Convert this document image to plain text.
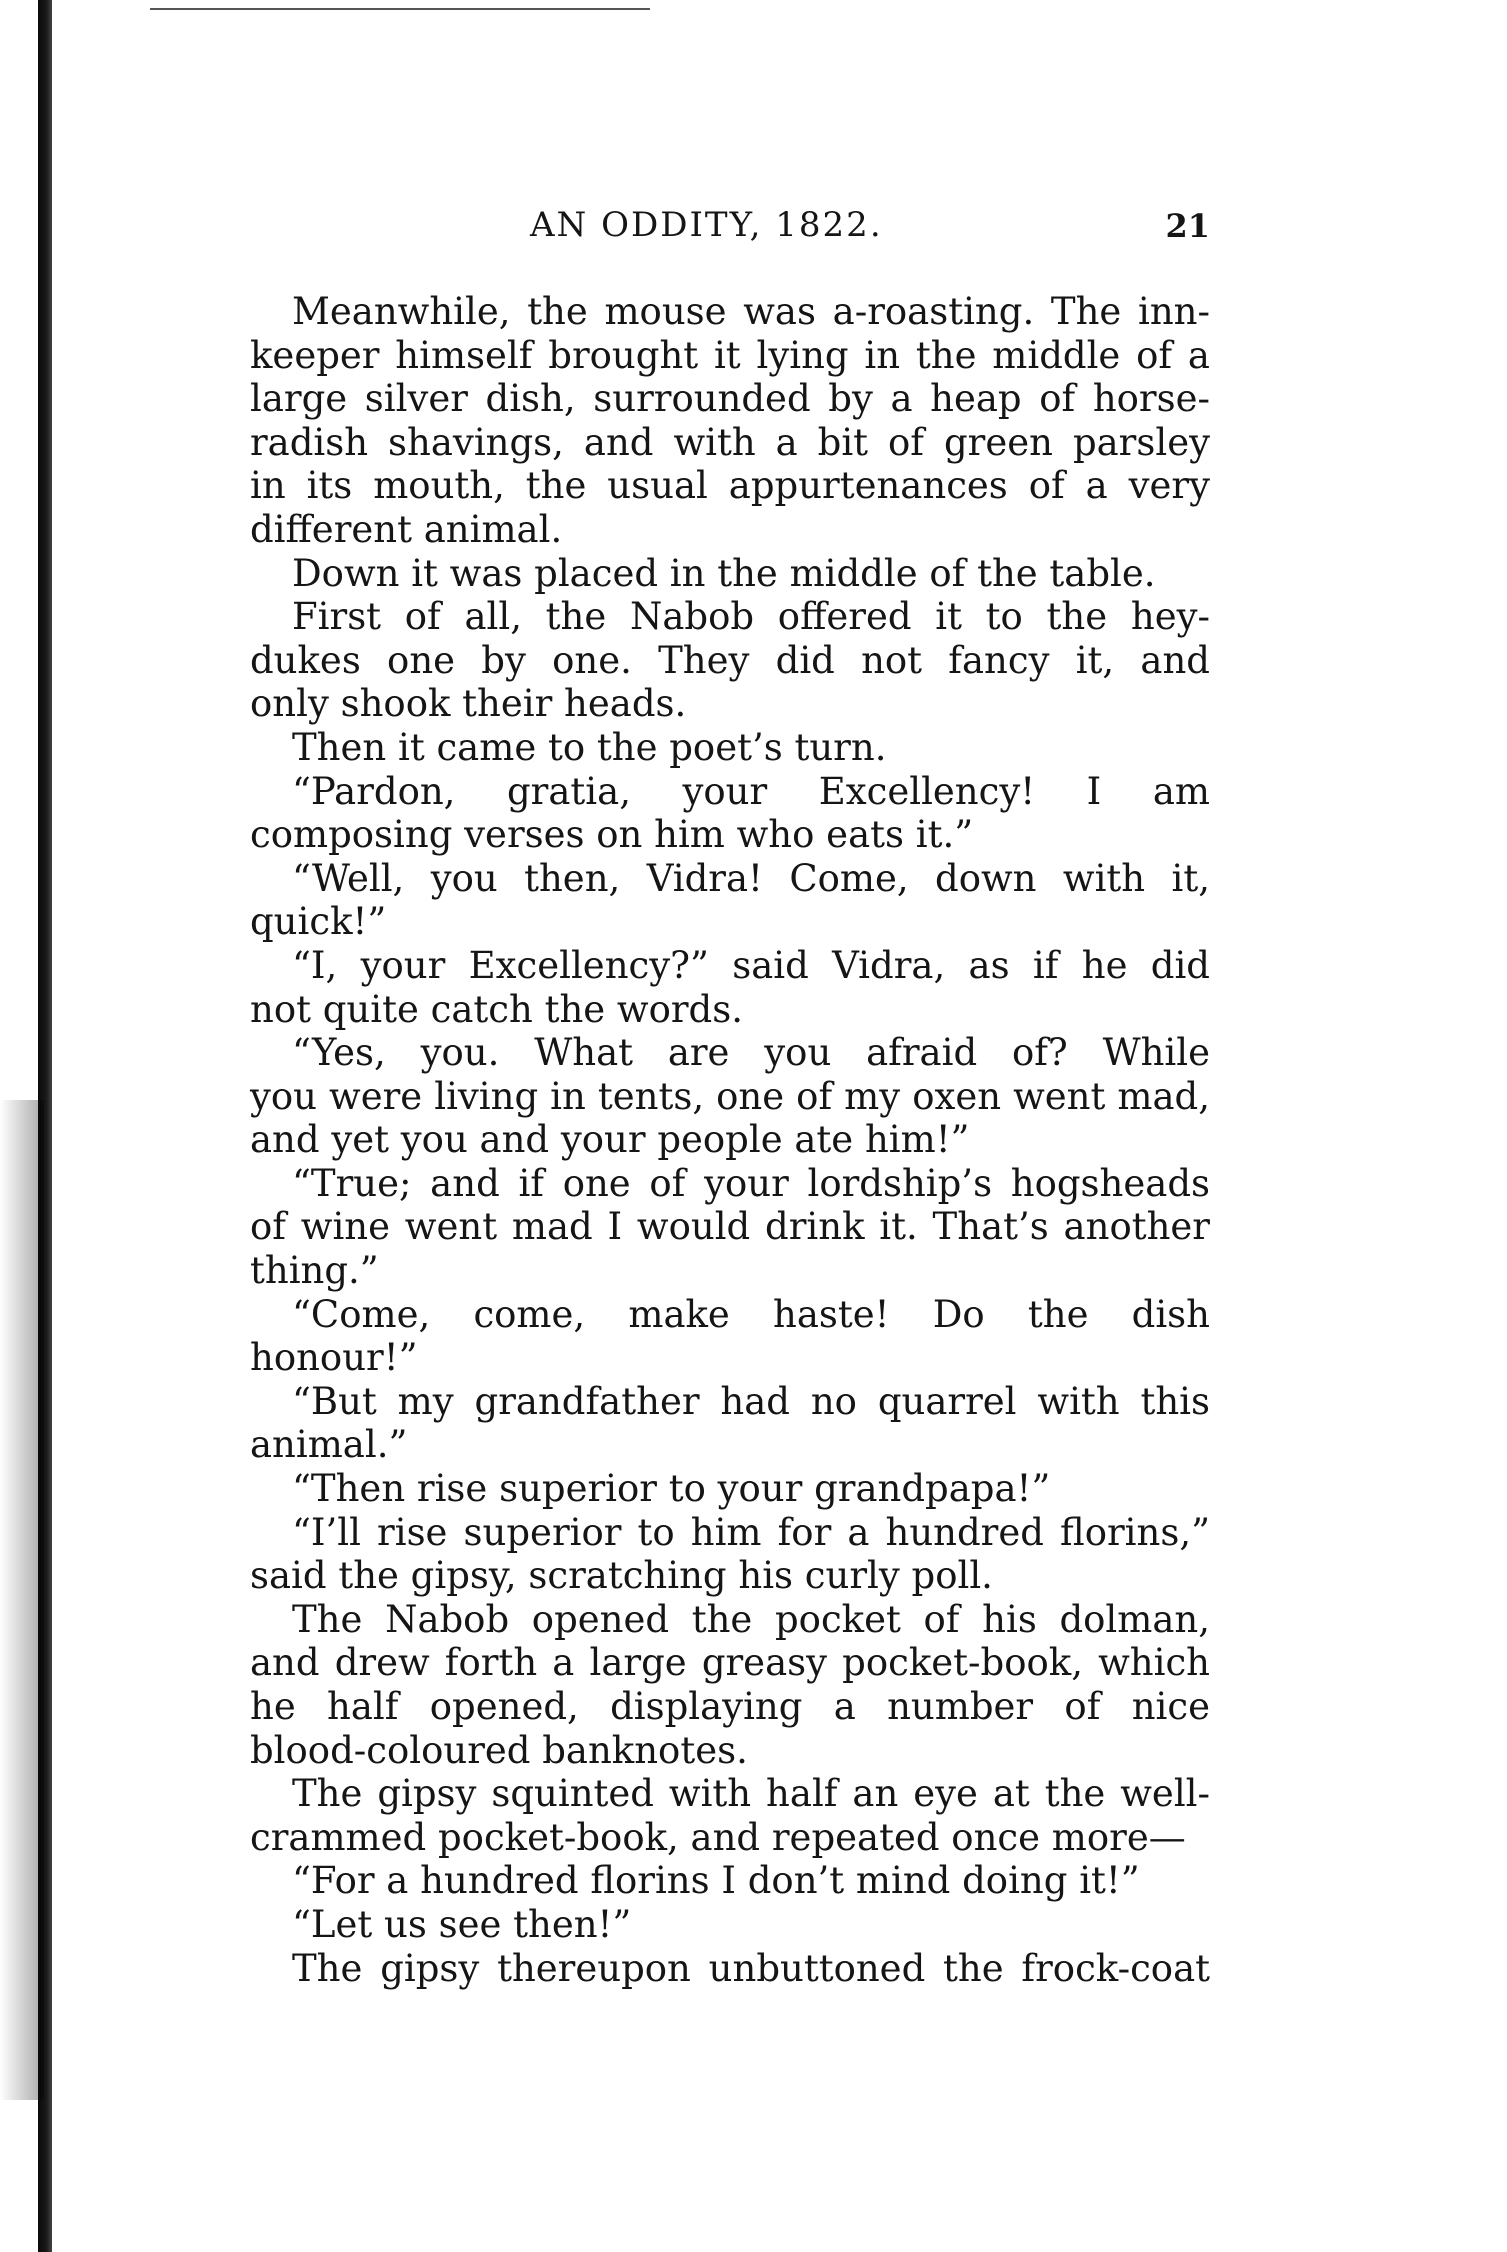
AN ODDITY, 1822.	21
Meanwhile, the mouse was a-roasting. The inn-
keeper himself brought it lying in the middle of a
large silver dish, surrounded by a heap of horse-
radish shavings, and with a bit of green parsley
in its mouth, the usual appurtenances of a very
different animal.
Down it was placed in the middle of the table.
First of all, the Nabob offered it to the hey-
dukes one by one. They did not fancy it, and
only shook their heads.
Then it came to the poet’s turn.
“Pardon, gratia, your Excellency! I am
composing verses on him who eats it.”
“Well, you then, Vidra! Come, down with it,
quick!”
“I, your Excellency?” said Vidra, as if he did
not quite catch the words.
“Yes, you. What are you afraid of? While
you were living in tents, one of my oxen went mad,
and yet you and your people ate him!”
“True; and if one of your lordship’s hogsheads
of wine went mad I would drink it. That’s another
thing.”
“Come, come, make haste! Do the dish
honour!”
“But my grandfather had no quarrel with this
animal.”
“Then rise superior to your grandpapa!”
“I’ll rise superior to him for a hundred florins,”
said the gipsy, scratching his curly poll.
The Nabob opened the pocket of his dolman,
and drew forth a large greasy pocket-book, which
he half opened, displaying a number of nice
blood-coloured banknotes.
The gipsy squinted with half an eye at the well-
crammed pocket-book, and repeated once more—
“For a hundred florins I don’t mind doing it!”
“Let us see then!”
The gipsy thereupon unbuttoned the frock-coat
